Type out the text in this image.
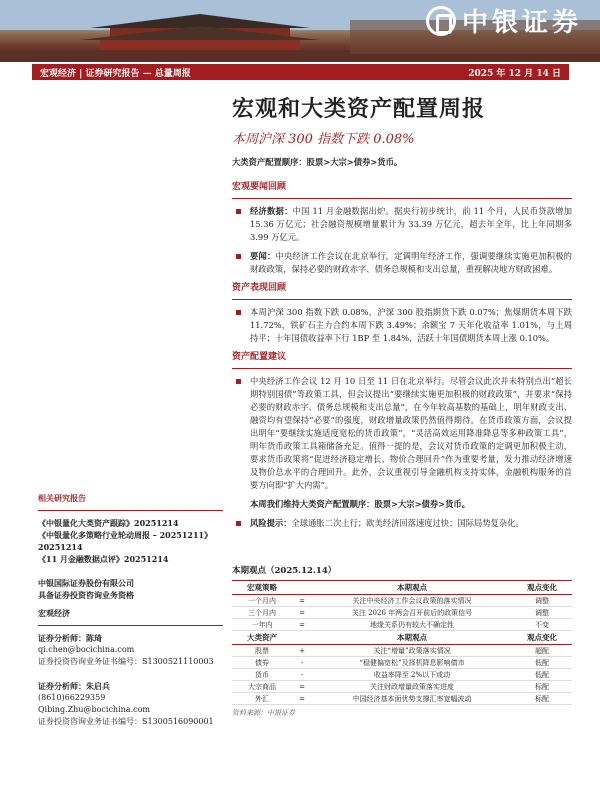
中银证券
宏观经济 | 证券研究报告 — 总量周报	2025 年 12 月 14 日
宏观和大类资产配置周报
本周沪深 300 指数下跌 0.08%
大类资产配置顺序：股票>大宗>债券>货币。
宏观要闻回顾
经济数据：中国 11 月金融数据出炉。据央行初步统计，前 11 个月，人民币贷款增加 15.36 万亿元；社会融资规模增量累计为 33.39 万亿元，超去年全年，比上年同期多 3.99 万亿元。
要闻：中央经济工作会议在北京举行，定调明年经济工作，强调要继续实施更加积极的财政政策，保持必要的财政赤字、债务总规模和支出总量，重视解决地方财政困难。
资产表现回顾
本周沪深 300 指数下跌 0.08%，沪深 300 股指期货下跌 0.07%；焦煤期货本周下跌 11.72%，铁矿石主力合约本周下跌 3.49%；余额宝 7 天年化收益率 1.01%，与上周持平；十年国债收益率下行 1BP 至 1.84%，活跃十年国债期货本周上涨 0.10%。
资产配置建议
中央经济工作会议 12 月 10 日至 11 日在北京举行。尽管会议此次并未特别点出“超长期特别国债”等政策工具，但会议提出“要继续实施更加积极的财政政策”，并要求“保持必要的财政赤字、债务总规模和支出总量”，在今年较高基数的基础上，明年财政支出、融资均有望保持“必要”的强度，财政增量政策仍然值得期待。在货币政策方面，会议提出明年“要继续实施适度宽松的货币政策”，“灵活高效运用降准降息等多种政策工具”，明年货币政策工具箱储备充足。值得一提的是，会议对货币政策的定调更加积极主动，要求货币政策将“促进经济稳定增长、物价合理回升”作为重要考量，发力推动经济增速及物价总水平的合理回升。此外，会议重视引导金融机构支持实体，金融机构服务的首要方向即“扩大内需”。
本周我们维持大类资产配置顺序：股票>大宗>债券>货币。
风险提示：全球通胀二次上行；欧美经济回落速度过快；国际局势复杂化。
相关研究报告
《中银量化大类资产跟踪》20251214
《中银量化多策略行业轮动周报 – 20251211》20251214
《11 月金融数据点评》20251214
中银国际证券股份有限公司
具备证券投资咨询业务资格
宏观经济
证券分析师：陈琦
qi.chen@bocichina.com
证券投资咨询业务证书编号：S1300521110003
证券分析师：朱启兵
(8610)66229359
Qibing.Zhu@bocichina.com
证券投资咨询业务证书编号：S1300516090001
本期观点（2025.12.14）
宏观策略		本期观点	观点变化
一个月内	=	关注中央经济工作会议政策的落实情况	调整
三个月内	=	关注 2026 年两会召开前后的政策信号	调整
一年内	=	地缘关系仍有较大不确定性	不变
大类资产		本期观点	观点变化
股票	+	关注“增量”政策落实情况	超配
债券	-	“稳健偏宽松”及择机降息影响债市	低配
货币	-	收益率降至 2%以下或动	低配
大宗商品	=	关注财政增量政策落实进度	标配
外汇	=	中国经济基本面优势支撑汇率宽幅波动	标配
资料来源：中银证券
